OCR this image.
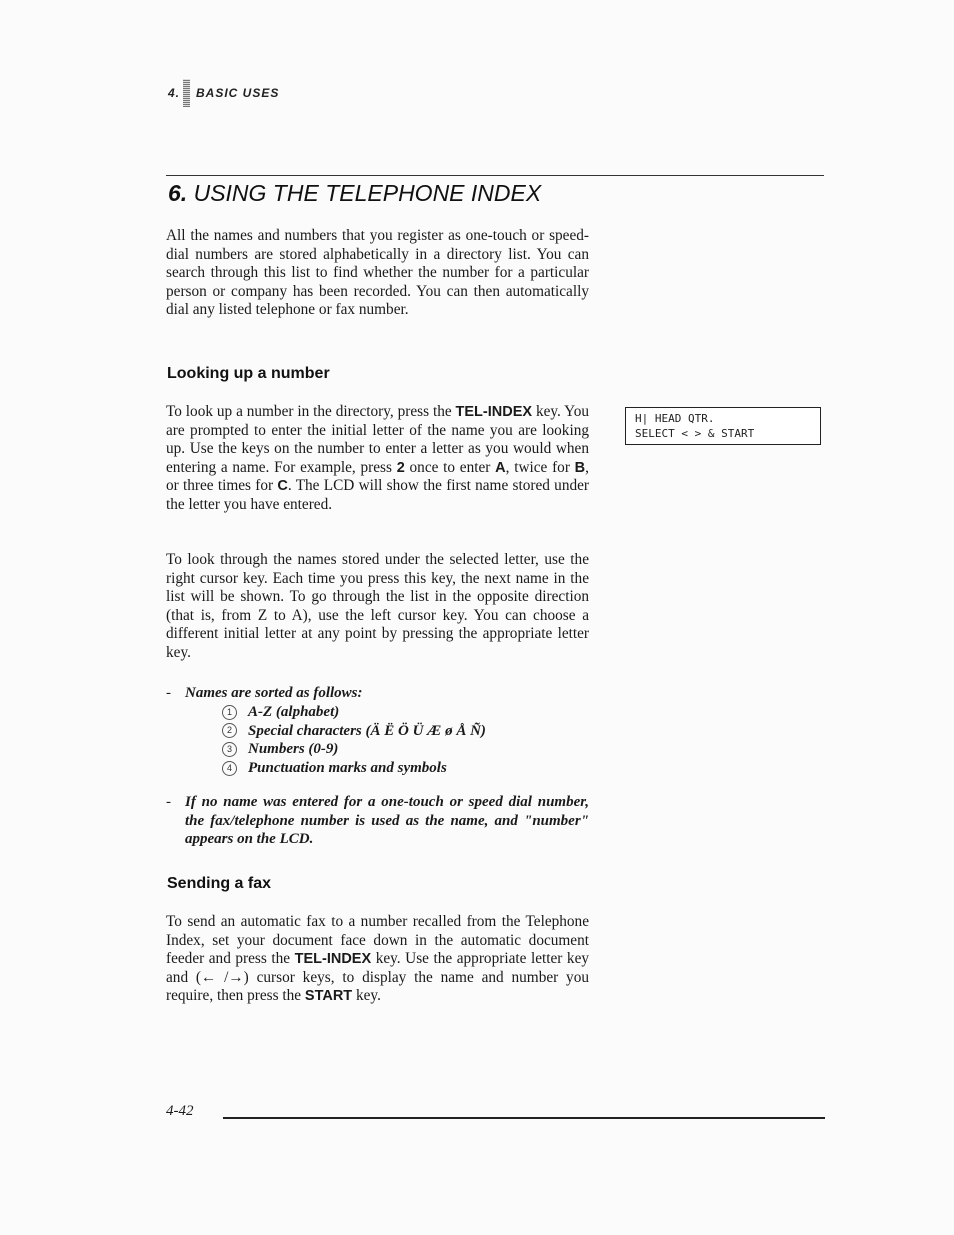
4. BASIC USES
6. USING THE TELEPHONE INDEX

All the names and numbers that you register as one-touch or speed-dial numbers are stored alphabetically in a directory list. You can search through this list to find whether the number for a particular person or company has been recorded. You can then automatically dial any listed telephone or fax number.

Looking up a number

To look up a number in the directory, press the TEL-INDEX key. You are prompted to enter the initial letter of the name you are looking up. Use the keys on the number to enter a letter as you would when entering a name. For example, press 2 once to enter A, twice for B, or three times for C. The LCD will show the first name stored under the letter you have entered.

To look through the names stored under the selected letter, use the right cursor key. Each time you press this key, the next name in the list will be shown. To go through the list in the opposite direction (that is, from Z to A), use the left cursor key. You can choose a different initial letter at any point by pressing the appropriate letter key.

H| HEAD QTR.
SELECT < > & START
- Names are sorted as follows:
1	A-Z (alphabet)
2	Special characters (Ä Ë Ö Ü Æ ø Å Ñ)
3	Numbers (0-9)
4	Punctuation marks and symbols
- If no name was entered for a one-touch or speed dial number, the fax/telephone number is used as the name, and "number" appears on the LCD.
Sending a fax

To send an automatic fax to a number recalled from the Telephone Index, set your document face down in the automatic document feeder and press the TEL-INDEX key. Use the appropriate letter key and (← /→) cursor keys, to display the name and number you require, then press the START key.

4-42
